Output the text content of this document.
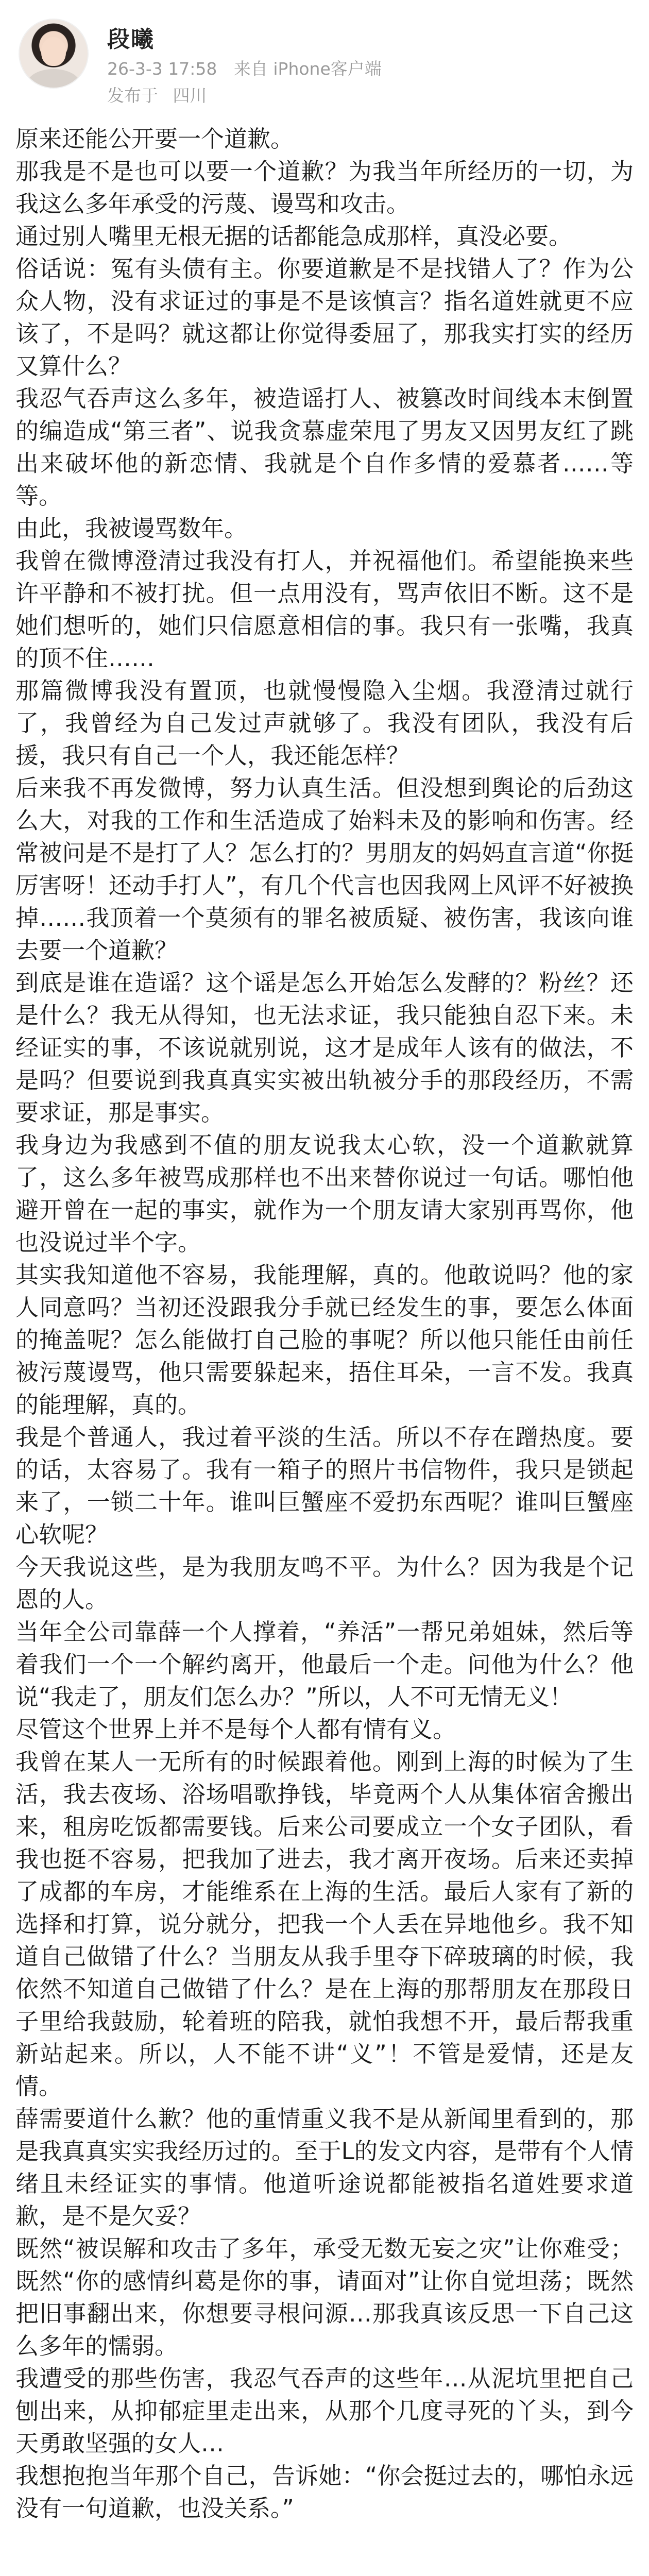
段曦
26-3-3 17:58 来自 iPhone客户端
发布于 四川

原来还能公开要一个道歉。

那我是不是也可以要一个道歉？为我当年所经历的一切，为我这么多年承受的污蔑、谩骂和攻击。

通过别人嘴里无根无据的话都能急成那样，真没必要。

俗话说：冤有头债有主。你要道歉是不是找错人了？作为公众人物，没有求证过的事是不是该慎言？指名道姓就更不应该了，不是吗？就这都让你觉得委屈了，那我实打实的经历又算什么？

我忍气吞声这么多年，被造谣打人、被篡改时间线本末倒置的编造成“第三者”、说我贪慕虚荣甩了男友又因男友红了跳出来破坏他的新恋情、我就是个自作多情的爱慕者……等等。

由此，我被谩骂数年。

我曾在微博澄清过我没有打人，并祝福他们。希望能换来些许平静和不被打扰。但一点用没有，骂声依旧不断。这不是她们想听的，她们只信愿意相信的事。我只有一张嘴，我真的顶不住……

那篇微博我没有置顶，也就慢慢隐入尘烟。我澄清过就行了，我曾经为自己发过声就够了。我没有团队，我没有后援，我只有自己一个人，我还能怎样？

后来我不再发微博，努力认真生活。但没想到舆论的后劲这么大，对我的工作和生活造成了始料未及的影响和伤害。经常被问是不是打了人？怎么打的？男朋友的妈妈直言道“你挺厉害呀！还动手打人”，有几个代言也因我网上风评不好被换掉……我顶着一个莫须有的罪名被质疑、被伤害，我该向谁去要一个道歉？

到底是谁在造谣？这个谣是怎么开始怎么发酵的？粉丝？还是什么？我无从得知，也无法求证，我只能独自忍下来。未经证实的事，不该说就别说，这才是成年人该有的做法，不是吗？但要说到我真真实实被出轨被分手的那段经历，不需要求证，那是事实。

我身边为我感到不值的朋友说我太心软，没一个道歉就算了，这么多年被骂成那样也不出来替你说过一句话。哪怕他避开曾在一起的事实，就作为一个朋友请大家别再骂你，他也没说过半个字。

其实我知道他不容易，我能理解，真的。他敢说吗？他的家人同意吗？当初还没跟我分手就已经发生的事，要怎么体面的掩盖呢？怎么能做打自己脸的事呢？所以他只能任由前任被污蔑谩骂，他只需要躲起来，捂住耳朵，一言不发。我真的能理解，真的。

我是个普通人，我过着平淡的生活。所以不存在蹭热度。要的话，太容易了。我有一箱子的照片书信物件，我只是锁起来了，一锁二十年。谁叫巨蟹座不爱扔东西呢？谁叫巨蟹座心软呢？

今天我说这些，是为我朋友鸣不平。为什么？因为我是个记恩的人。

当年全公司靠薛一个人撑着，“养活”一帮兄弟姐妹，然后等着我们一个一个解约离开，他最后一个走。问他为什么？他说“我走了，朋友们怎么办？”所以，人不可无情无义！

尽管这个世界上并不是每个人都有情有义。

我曾在某人一无所有的时候跟着他。刚到上海的时候为了生活，我去夜场、浴场唱歌挣钱，毕竟两个人从集体宿舍搬出来，租房吃饭都需要钱。后来公司要成立一个女子团队，看我也挺不容易，把我加了进去，我才离开夜场。后来还卖掉了成都的车房，才能维系在上海的生活。最后人家有了新的选择和打算，说分就分，把我一个人丢在异地他乡。我不知道自己做错了什么？当朋友从我手里夺下碎玻璃的时候，我依然不知道自己做错了什么？是在上海的那帮朋友在那段日子里给我鼓励，轮着班的陪我，就怕我想不开，最后帮我重新站起来。所以，人不能不讲“义”！不管是爱情，还是友情。

薛需要道什么歉？他的重情重义我不是从新闻里看到的，那是我真真实实我经历过的。至于L的发文内容，是带有个人情绪且未经证实的事情。他道听途说都能被指名道姓要求道歉，是不是欠妥？

既然“被误解和攻击了多年，承受无数无妄之灾”让你难受；既然“你的感情纠葛是你的事，请面对”让你自觉坦荡；既然把旧事翻出来，你想要寻根问源…那我真该反思一下自己这么多年的懦弱。

我遭受的那些伤害，我忍气吞声的这些年…从泥坑里把自己刨出来，从抑郁症里走出来，从那个几度寻死的丫头，到今天勇敢坚强的女人…

我想抱抱当年那个自己，告诉她：“你会挺过去的，哪怕永远没有一句道歉，也没关系。”
